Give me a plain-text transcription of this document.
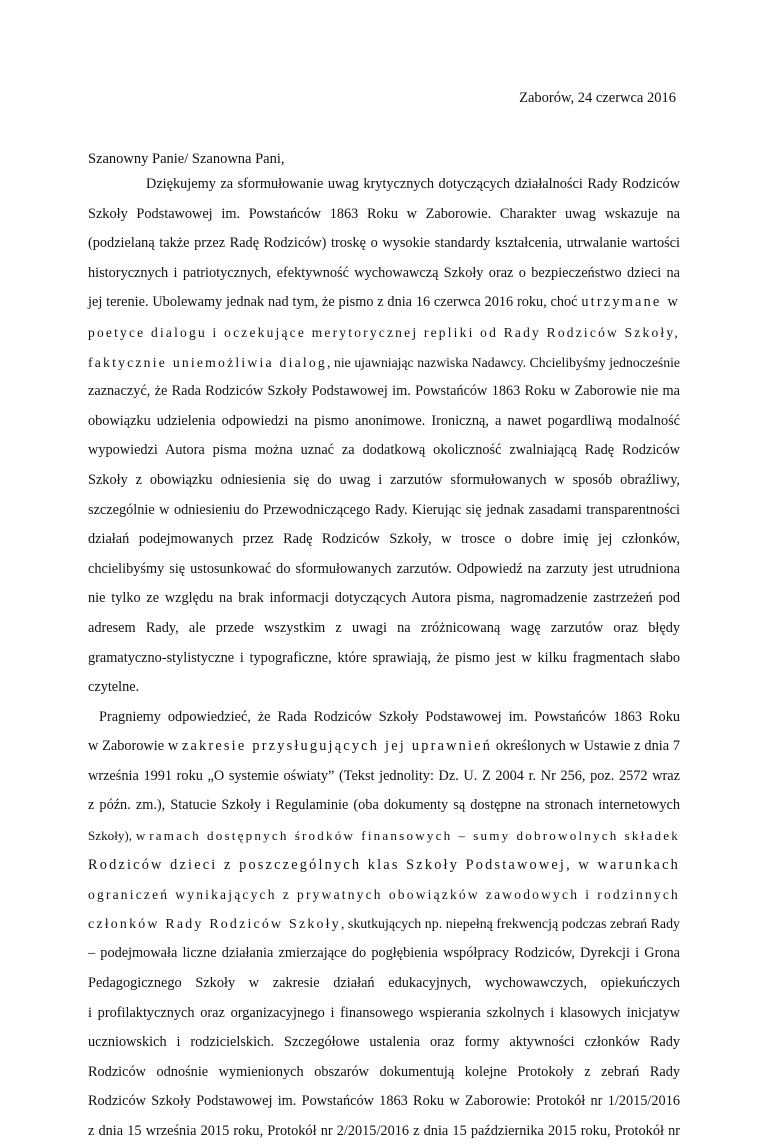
Zaborów, 24 czerwca 2016
Szanowny Panie/ Szanowna Pani,
Dziękujemy za sformułowanie uwag krytycznych dotyczących działalności Rady Rodziców
Szkoły Podstawowej im. Powstańców 1863 Roku w Zaborowie. Charakter uwag wskazuje na
(podzielaną także przez Radę Rodziców) troskę o wysokie standardy kształcenia, utrwalanie wartości
historycznych i patriotycznych, efektywność wychowawczą Szkoły oraz o bezpieczeństwo dzieci na
jej terenie. Ubolewamy jednak nad tym, że pismo z dnia 16 czerwca 2016 roku, choć utrzymane w
poetyce dialogu i oczekujące merytorycznej repliki od Rady Rodziców Szkoły,
faktycznie uniemożliwia dialog, nie ujawniając nazwiska Nadawcy. Chcielibyśmy jednocześnie
zaznaczyć, że Rada Rodziców Szkoły Podstawowej im. Powstańców 1863 Roku w Zaborowie nie ma
obowiązku udzielenia odpowiedzi na pismo anonimowe. Ironiczną, a nawet pogardliwą modalność
wypowiedzi Autora pisma można uznać za dodatkową okoliczność zwalniającą Radę Rodziców
Szkoły z obowiązku odniesienia się do uwag i zarzutów sformułowanych w sposób obraźliwy,
szczególnie w odniesieniu do Przewodniczącego Rady. Kierując się jednak zasadami transparentności
działań podejmowanych przez Radę Rodziców Szkoły, w trosce o dobre imię jej członków,
chcielibyśmy się ustosunkować do sformułowanych zarzutów. Odpowiedź na zarzuty jest utrudniona
nie tylko ze względu na brak informacji dotyczących Autora pisma, nagromadzenie zastrzeżeń pod
adresem Rady, ale przede wszystkim z uwagi na zróżnicowaną wagę zarzutów oraz błędy
gramatyczno-stylistyczne i typograficzne, które sprawiają, że pismo jest w kilku fragmentach słabo
czytelne.
Pragniemy odpowiedzieć, że Rada Rodziców Szkoły Podstawowej im. Powstańców 1863 Roku
w Zaborowie w zakresie przysługujących jej uprawnień określonych w Ustawie z dnia 7
września 1991 roku „O systemie oświaty” (Tekst jednolity: Dz. U. Z 2004 r. Nr 256, poz. 2572 wraz
z późn. zm.), Statucie Szkoły i Regulaminie (oba dokumenty są dostępne na stronach internetowych
Szkoły), w ramach dostępnych środków finansowych – sumy dobrowolnych składek
Rodziców dzieci z poszczególnych klas Szkoły Podstawowej, w warunkach
ograniczeń wynikających z prywatnych obowiązków zawodowych i rodzinnych
członków Rady Rodziców Szkoły, skutkujących np. niepełną frekwencją podczas zebrań Rady
– podejmowała liczne działania zmierzające do pogłębienia współpracy Rodziców, Dyrekcji i Grona
Pedagogicznego Szkoły w zakresie działań edukacyjnych, wychowawczych, opiekuńczych
i profilaktycznych oraz organizacyjnego i finansowego wspierania szkolnych i klasowych inicjatyw
uczniowskich i rodzicielskich. Szczegółowe ustalenia oraz formy aktywności członków Rady
Rodziców odnośnie wymienionych obszarów dokumentują kolejne Protokoły z zebrań Rady
Rodziców Szkoły Podstawowej im. Powstańców 1863 Roku w Zaborowie: Protokół nr 1/2015/2016
z dnia 15 września 2015 roku, Protokół nr 2/2015/2016 z dnia 15 października 2015 roku, Protokół nr
